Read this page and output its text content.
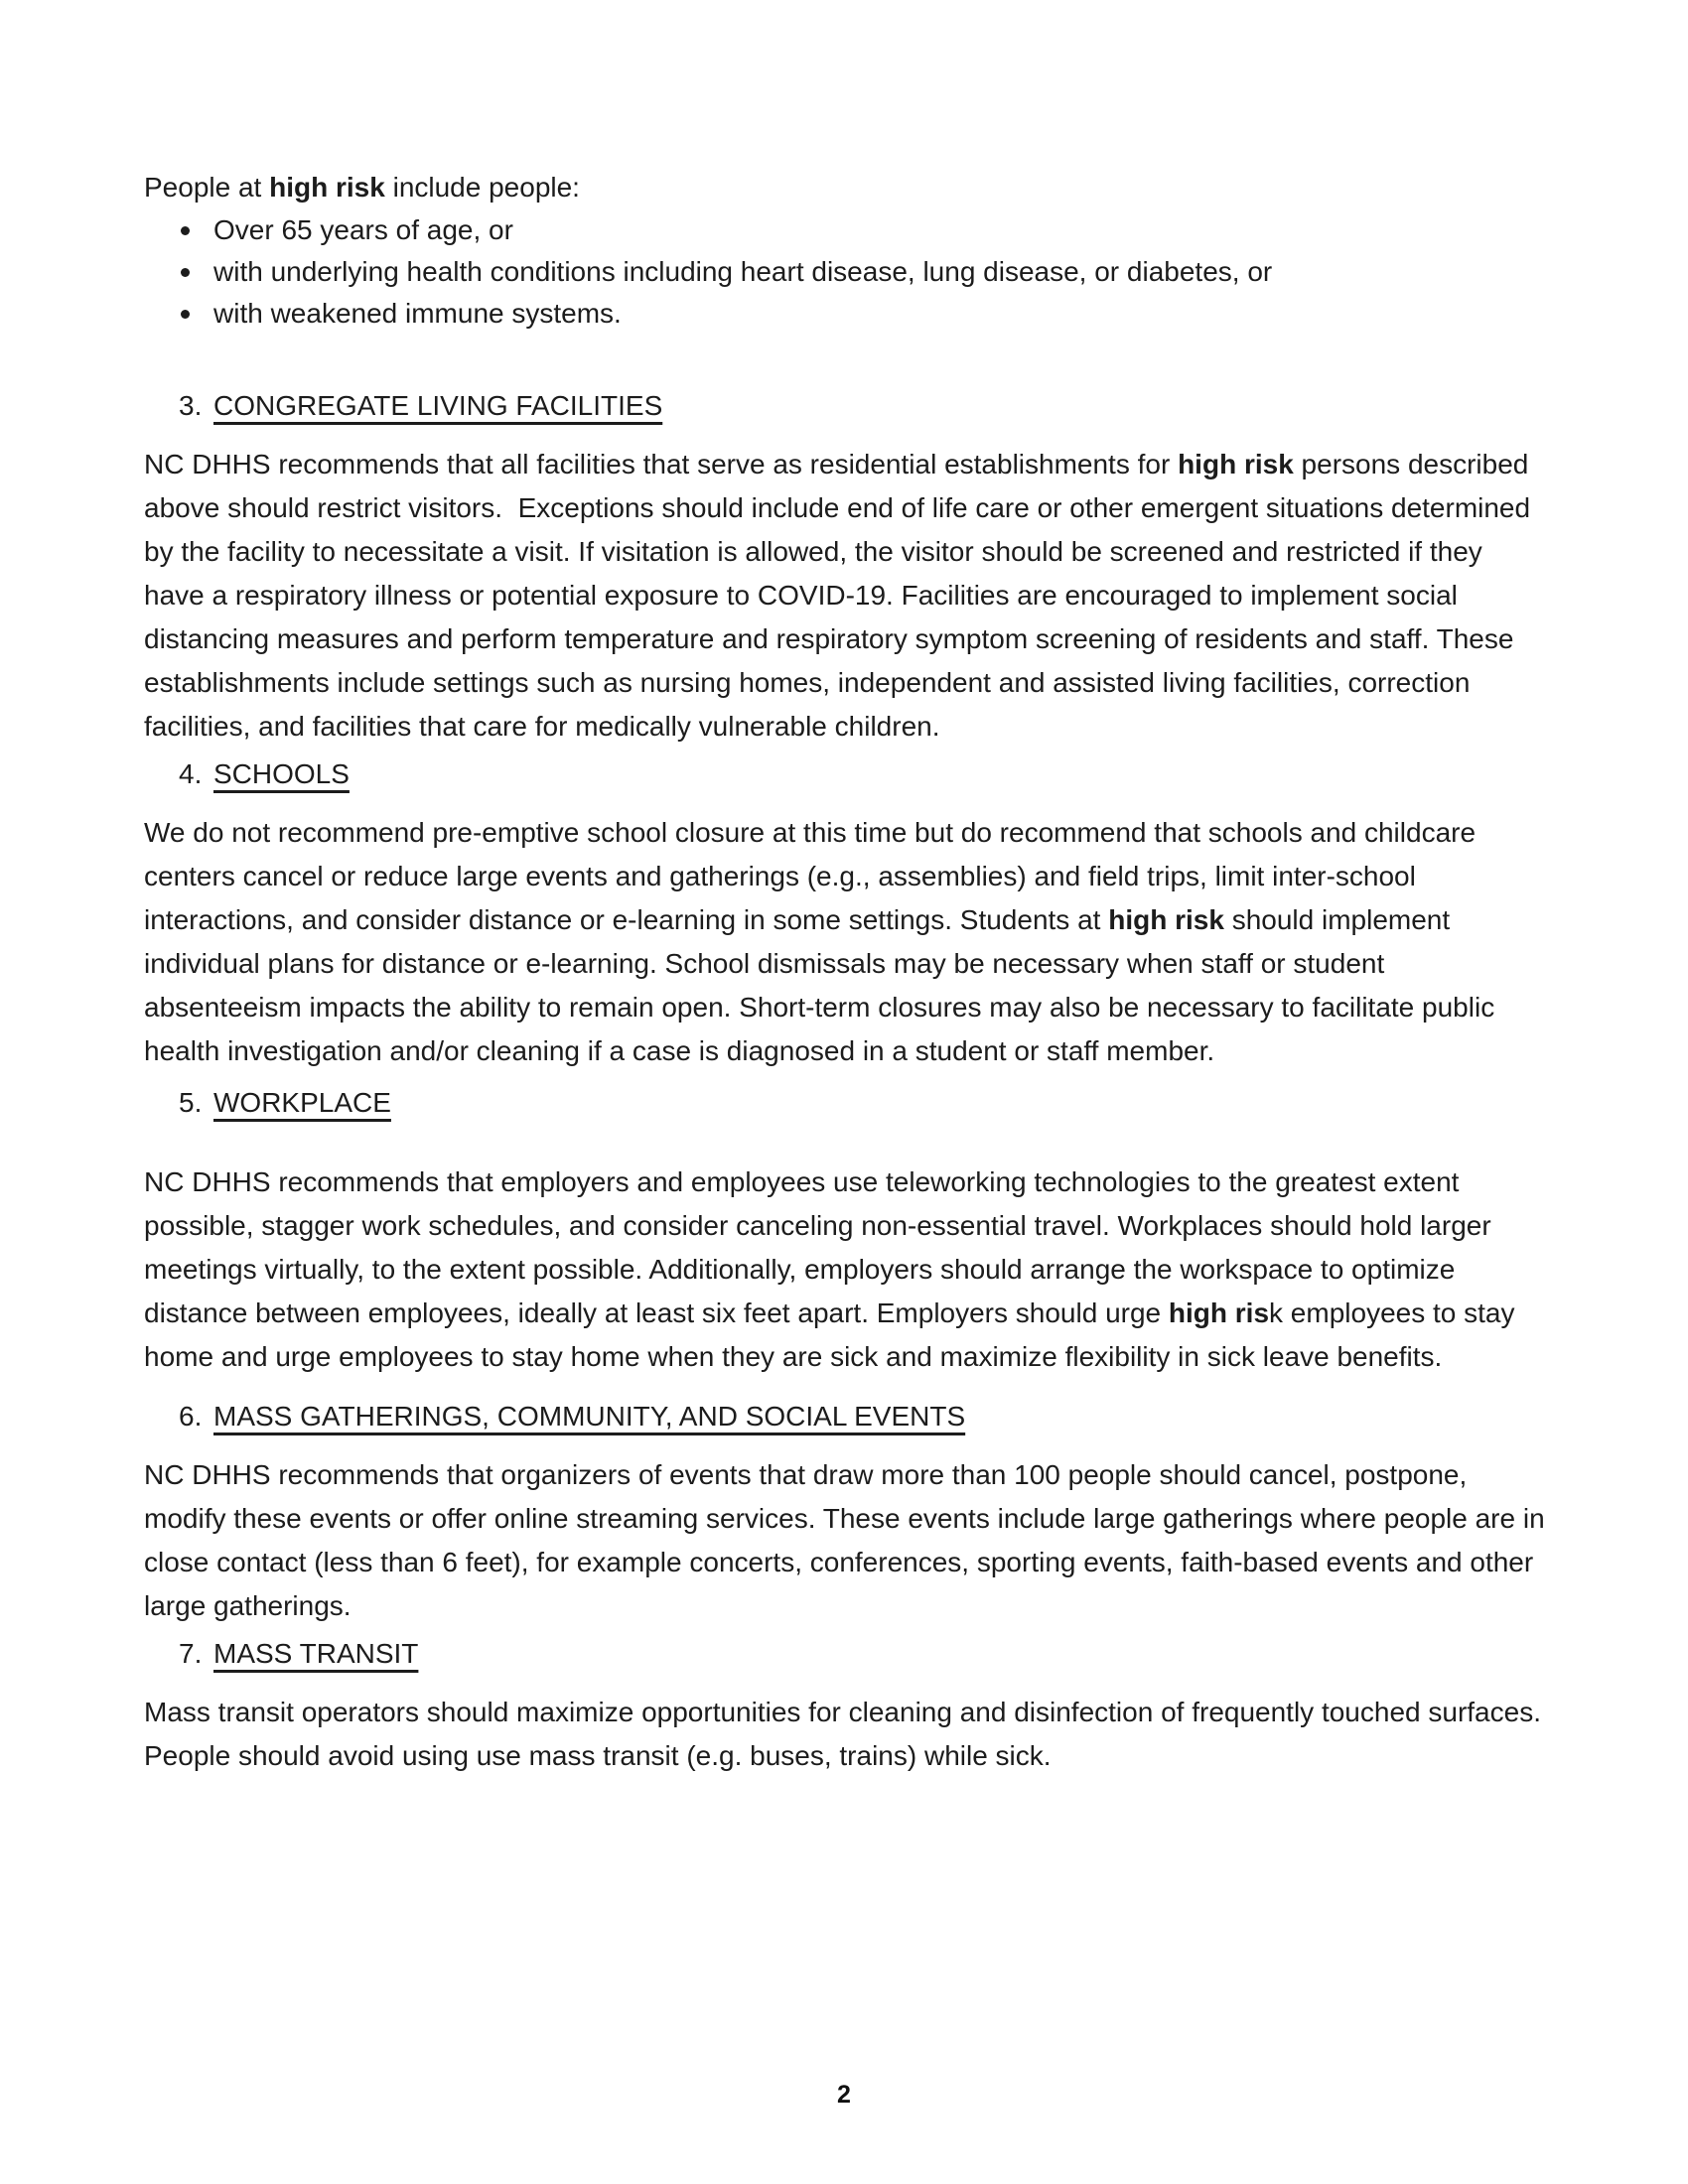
People at high risk include people:

Over 65 years of age, or
with underlying health conditions including heart disease, lung disease, or diabetes, or
with weakened immune systems.
3. CONGREGATE LIVING FACILITIES

NC DHHS recommends that all facilities that serve as residential establishments for high risk persons described above should restrict visitors.  Exceptions should include end of life care or other emergent situations determined by the facility to necessitate a visit. If visitation is allowed, the visitor should be screened and restricted if they have a respiratory illness or potential exposure to COVID-19. Facilities are encouraged to implement social distancing measures and perform temperature and respiratory symptom screening of residents and staff. These establishments include settings such as nursing homes, independent and assisted living facilities, correction facilities, and facilities that care for medically vulnerable children.

4. SCHOOLS

We do not recommend pre-emptive school closure at this time but do recommend that schools and childcare centers cancel or reduce large events and gatherings (e.g., assemblies) and field trips, limit inter-school interactions, and consider distance or e-learning in some settings. Students at high risk should implement individual plans for distance or e-learning. School dismissals may be necessary when staff or student absenteeism impacts the ability to remain open. Short-term closures may also be necessary to facilitate public health investigation and/or cleaning if a case is diagnosed in a student or staff member.

5. WORKPLACE

NC DHHS recommends that employers and employees use teleworking technologies to the greatest extent possible, stagger work schedules, and consider canceling non-essential travel. Workplaces should hold larger meetings virtually, to the extent possible. Additionally, employers should arrange the workspace to optimize distance between employees, ideally at least six feet apart. Employers should urge high risk employees to stay home and urge employees to stay home when they are sick and maximize flexibility in sick leave benefits.

6. MASS GATHERINGS, COMMUNITY, AND SOCIAL EVENTS

NC DHHS recommends that organizers of events that draw more than 100 people should cancel, postpone, modify these events or offer online streaming services. These events include large gatherings where people are in close contact (less than 6 feet), for example concerts, conferences, sporting events, faith-based events and other large gatherings.

7. MASS TRANSIT

Mass transit operators should maximize opportunities for cleaning and disinfection of frequently touched surfaces. People should avoid using use mass transit (e.g. buses, trains) while sick.

2
